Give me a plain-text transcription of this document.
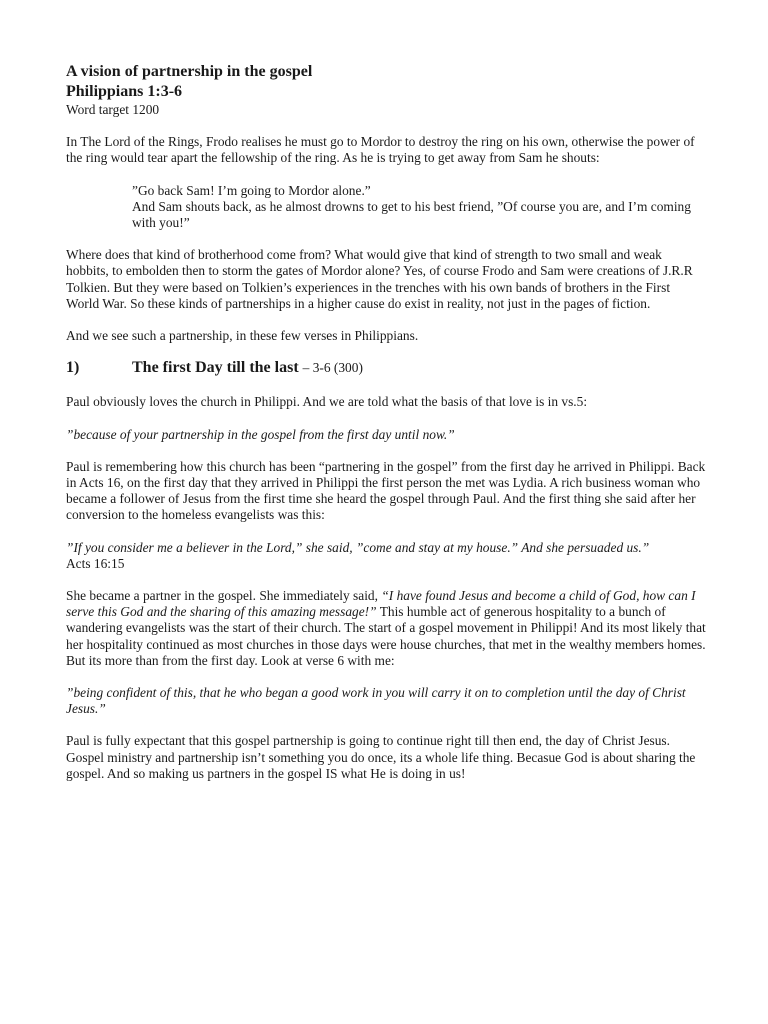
A vision of partnership in the gospel
Philippians 1:3-6
Word target 1200

In The Lord of the Rings, Frodo realises he must go to Mordor to destroy the ring on his own, otherwise the power of the ring would tear apart the fellowship of the ring. As he is trying to get away from Sam he shouts:

”Go back Sam! I’m going to Mordor alone.”
And Sam shouts back, as he almost drowns to get to his best friend, ”Of course you are, and I’m coming with you!”

Where does that kind of brotherhood come from? What would give that kind of strength to two small and weak hobbits, to embolden then to storm the gates of Mordor alone? Yes, of course Frodo and Sam were creations of J.R.R Tolkien. But they were based on Tolkien’s experiences in the trenches with his own bands of brothers in the First World War. So these kinds of partnerships in a higher cause do exist in reality, not just in the pages of fiction.

And we see such a partnership, in these few verses in Philippians.

1)	The first Day till the last – 3-6 (300)

Paul obviously loves the church in Philippi. And we are told what the basis of that love is in vs.5:

”because of your partnership in the gospel from the first day until now.”

Paul is remembering how this church has been “partnering in the gospel” from the first day he arrived in Philippi. Back in Acts 16, on the first day that they arrived in Philippi the first person the met was Lydia. A rich business woman who became a follower of Jesus from the first time she heard the gospel through Paul. And the first thing she said after her conversion to the homeless evangelists was this:

”If you consider me a believer in the Lord,” she said, ”come and stay at my house.” And she persuaded us.”

Acts 16:15

She became a partner in the gospel. She immediately said, “I have found Jesus and become a child of God, how can I serve this God and the sharing of this amazing message!” This humble act of generous hospitality to a bunch of wandering evangelists was the start of their church. The start of a gospel movement in Philippi! And its most likely that her hospitality continued as most churches in those days were house churches, that met in the wealthy members homes.

But its more than from the first day. Look at verse 6 with me:

”being confident of this, that he who began a good work in you will carry it on to completion until the day of Christ Jesus.”

Paul is fully expectant that this gospel partnership is going to continue right till then end, the day of Christ Jesus. Gospel ministry and partnership isn’t something you do once, its a whole life thing. Becasue God is about sharing the gospel. And so making us partners in the gospel IS what He is doing in us!
